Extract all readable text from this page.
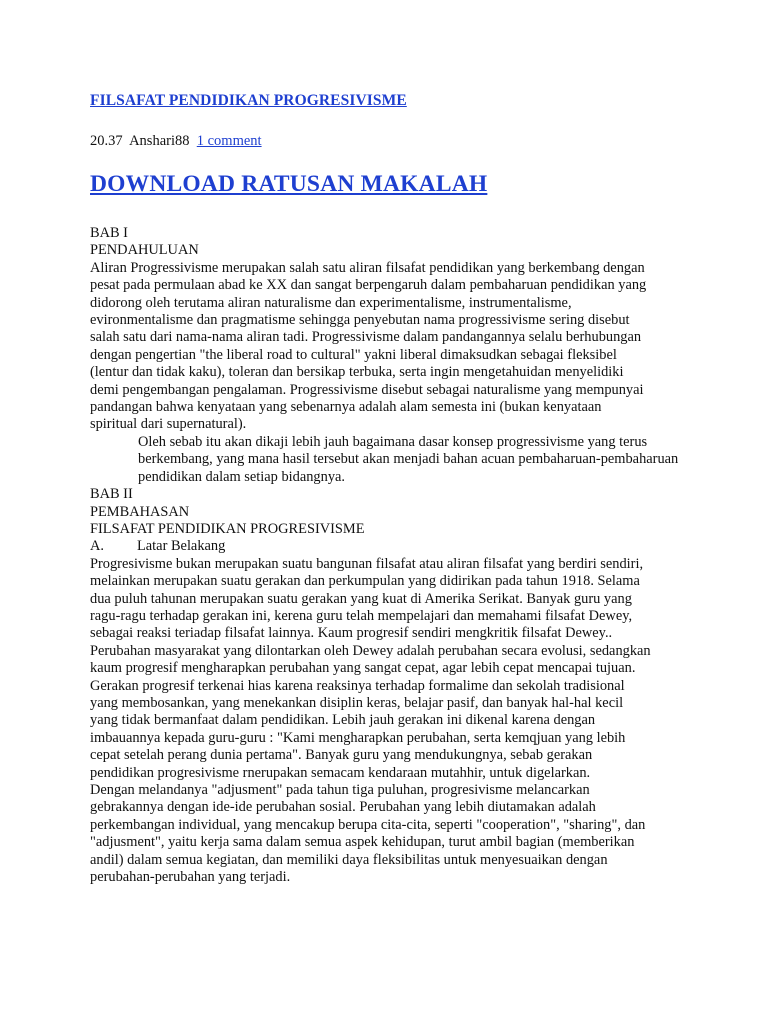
FILSAFAT PENDIDIKAN PROGRESIVISME
20.37 Anshari88 1 comment
DOWNLOAD RATUSAN MAKALAH
BAB I
PENDAHULUAN
Aliran Progressivisme merupakan salah satu aliran filsafat pendidikan yang berkembang dengan
pesat pada permulaan abad ke XX dan sangat berpengaruh dalam pembaharuan pendidikan yang
didorong oleh terutama aliran naturalisme dan experimentalisme, instrumentalisme,
evironmentalisme dan pragmatisme sehingga penyebutan nama progressivisme sering disebut
salah satu dari nama-nama aliran tadi. Progressivisme dalam pandangannya selalu berhubungan
dengan pengertian "the liberal road to cultural" yakni liberal dimaksudkan sebagai fleksibel
(lentur dan tidak kaku), toleran dan bersikap terbuka, serta ingin mengetahuidan menyelidiki
demi pengembangan pengalaman. Progressivisme disebut sebagai naturalisme yang mempunyai
pandangan bahwa kenyataan yang sebenarnya adalah alam semesta ini (bukan kenyataan
spiritual dari supernatural).
Oleh sebab itu akan dikaji lebih jauh bagaimana dasar konsep progressivisme yang terus
berkembang, yang mana hasil tersebut akan menjadi bahan acuan pembaharuan-pembaharuan
pendidikan dalam setiap bidangnya.
BAB II
PEMBAHASAN
FILSAFAT PENDIDIKAN PROGRESIVISME
A. Latar Belakang
Progresivisme bukan merupakan suatu bangunan filsafat atau aliran filsafat yang berdiri sendiri,
melainkan merupakan suatu gerakan dan perkumpulan yang didirikan pada tahun 1918. Selama
dua puluh tahunan merupakan suatu gerakan yang kuat di Amerika Serikat. Banyak guru yang
ragu-ragu terhadap gerakan ini, kerena guru telah mempelajari dan memahami filsafat Dewey,
sebagai reaksi teriadap filsafat lainnya. Kaum progresif sendiri mengkritik filsafat Dewey..
Perubahan masyarakat yang dilontarkan oleh Dewey adalah perubahan secara evolusi, sedangkan
kaum progresif mengharapkan perubahan yang sangat cepat, agar lebih cepat mencapai tujuan.
Gerakan progresif terkenai hias karena reaksinya terhadap formalime dan sekolah tradisional
yang membosankan, yang menekankan disiplin keras, belajar pasif, dan banyak hal-hal kecil
yang tidak bermanfaat dalam pendidikan. Lebih jauh gerakan ini dikenal karena dengan
imbauannya kepada guru-guru : "Kami mengharapkan perubahan, serta kemqjuan yang lebih
cepat setelah perang dunia pertama". Banyak guru yang mendukungnya, sebab gerakan
pendidikan progresivisme rnerupakan semacam kendaraan mutahhir, untuk digelarkan.
Dengan melandanya "adjusment" pada tahun tiga puluhan, progresivisme melancarkan
gebrakannya dengan ide-ide perubahan sosial. Perubahan yang lebih diutamakan adalah
perkembangan individual, yang mencakup berupa cita-cita, seperti "cooperation", "sharing", dan
"adjusment", yaitu kerja sama dalam semua aspek kehidupan, turut ambil bagian (memberikan
andil) dalam semua kegiatan, dan memiliki daya fleksibilitas untuk menyesuaikan dengan
perubahan-perubahan yang terjadi.
